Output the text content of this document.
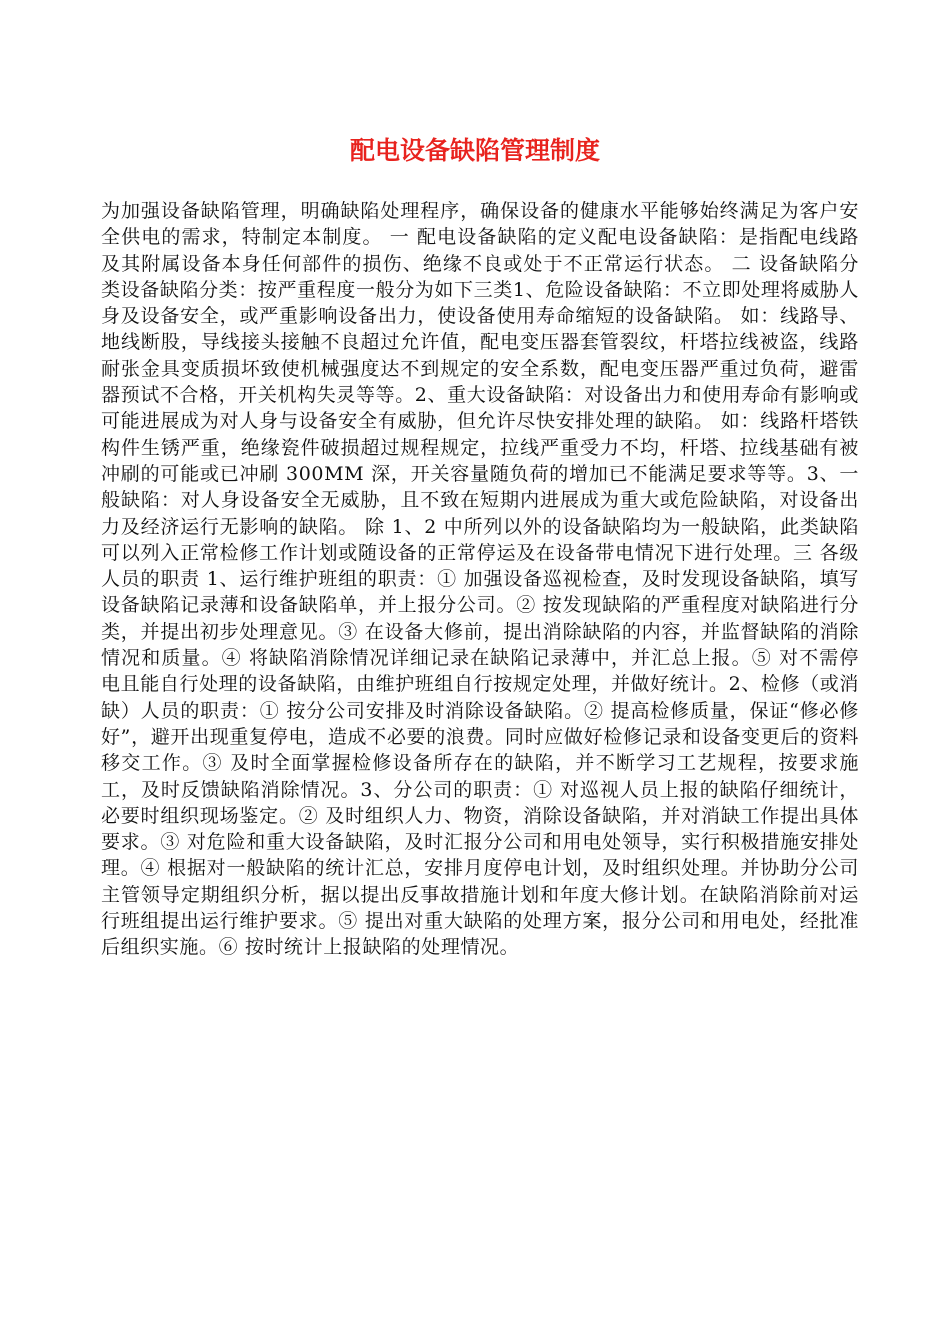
配电设备缺陷管理制度

为加强设备缺陷管理，明确缺陷处理程序，确保设备的健康水平能够始终满足为客户安全供电的需求，特制定本制度。 一 配电设备缺陷的定义配电设备缺陷：是指配电线路及其附属设备本身任何部件的损伤、绝缘不良或处于不正常运行状态。 二 设备缺陷分类设备缺陷分类：按严重程度一般分为如下三类1、危险设备缺陷：不立即处理将威胁人身及设备安全，或严重影响设备出力，使设备使用寿命缩短的设备缺陷。 如：线路导、地线断股，导线接头接触不良超过允许值，配电变压器套管裂纹，杆塔拉线被盗，线路耐张金具变质损坏致使机械强度达不到规定的安全系数，配电变压器严重过负荷，避雷器预试不合格，开关机构失灵等等。2、重大设备缺陷：对设备出力和使用寿命有影响或可能进展成为对人身与设备安全有威胁，但允许尽快安排处理的缺陷。 如：线路杆塔铁构件生锈严重，绝缘瓷件破损超过规程规定，拉线严重受力不均，杆塔、拉线基础有被冲刷的可能或已冲刷 300MM 深，开关容量随负荷的增加已不能满足要求等等。3、一般缺陷：对人身设备安全无威胁，且不致在短期内进展成为重大或危险缺陷，对设备出力及经济运行无影响的缺陷。 除 1、2 中所列以外的设备缺陷均为一般缺陷，此类缺陷可以列入正常检修工作计划或随设备的正常停运及在设备带电情况下进行处理。三 各级人员的职责 1、运行维护班组的职责：① 加强设备巡视检查，及时发现设备缺陷，填写设备缺陷记录薄和设备缺陷单，并上报分公司。② 按发现缺陷的严重程度对缺陷进行分类，并提出初步处理意见。③ 在设备大修前，提出消除缺陷的内容，并监督缺陷的消除情况和质量。④ 将缺陷消除情况详细记录在缺陷记录薄中，并汇总上报。⑤ 对不需停电且能自行处理的设备缺陷，由维护班组自行按规定处理，并做好统计。2、检修（或消缺）人员的职责：① 按分公司安排及时消除设备缺陷。② 提高检修质量，保证“修必修好”，避开出现重复停电，造成不必要的浪费。同时应做好检修记录和设备变更后的资料移交工作。③ 及时全面掌握检修设备所存在的缺陷，并不断学习工艺规程，按要求施工，及时反馈缺陷消除情况。3、分公司的职责：① 对巡视人员上报的缺陷仔细统计，必要时组织现场鉴定。② 及时组织人力、物资，消除设备缺陷，并对消缺工作提出具体要求。③ 对危险和重大设备缺陷，及时汇报分公司和用电处领导，实行积极措施安排处理。④ 根据对一般缺陷的统计汇总，安排月度停电计划，及时组织处理。并协助分公司主管领导定期组织分析，据以提出反事故措施计划和年度大修计划。在缺陷消除前对运行班组提出运行维护要求。⑤ 提出对重大缺陷的处理方案，报分公司和用电处，经批准后组织实施。⑥ 按时统计上报缺陷的处理情况。
